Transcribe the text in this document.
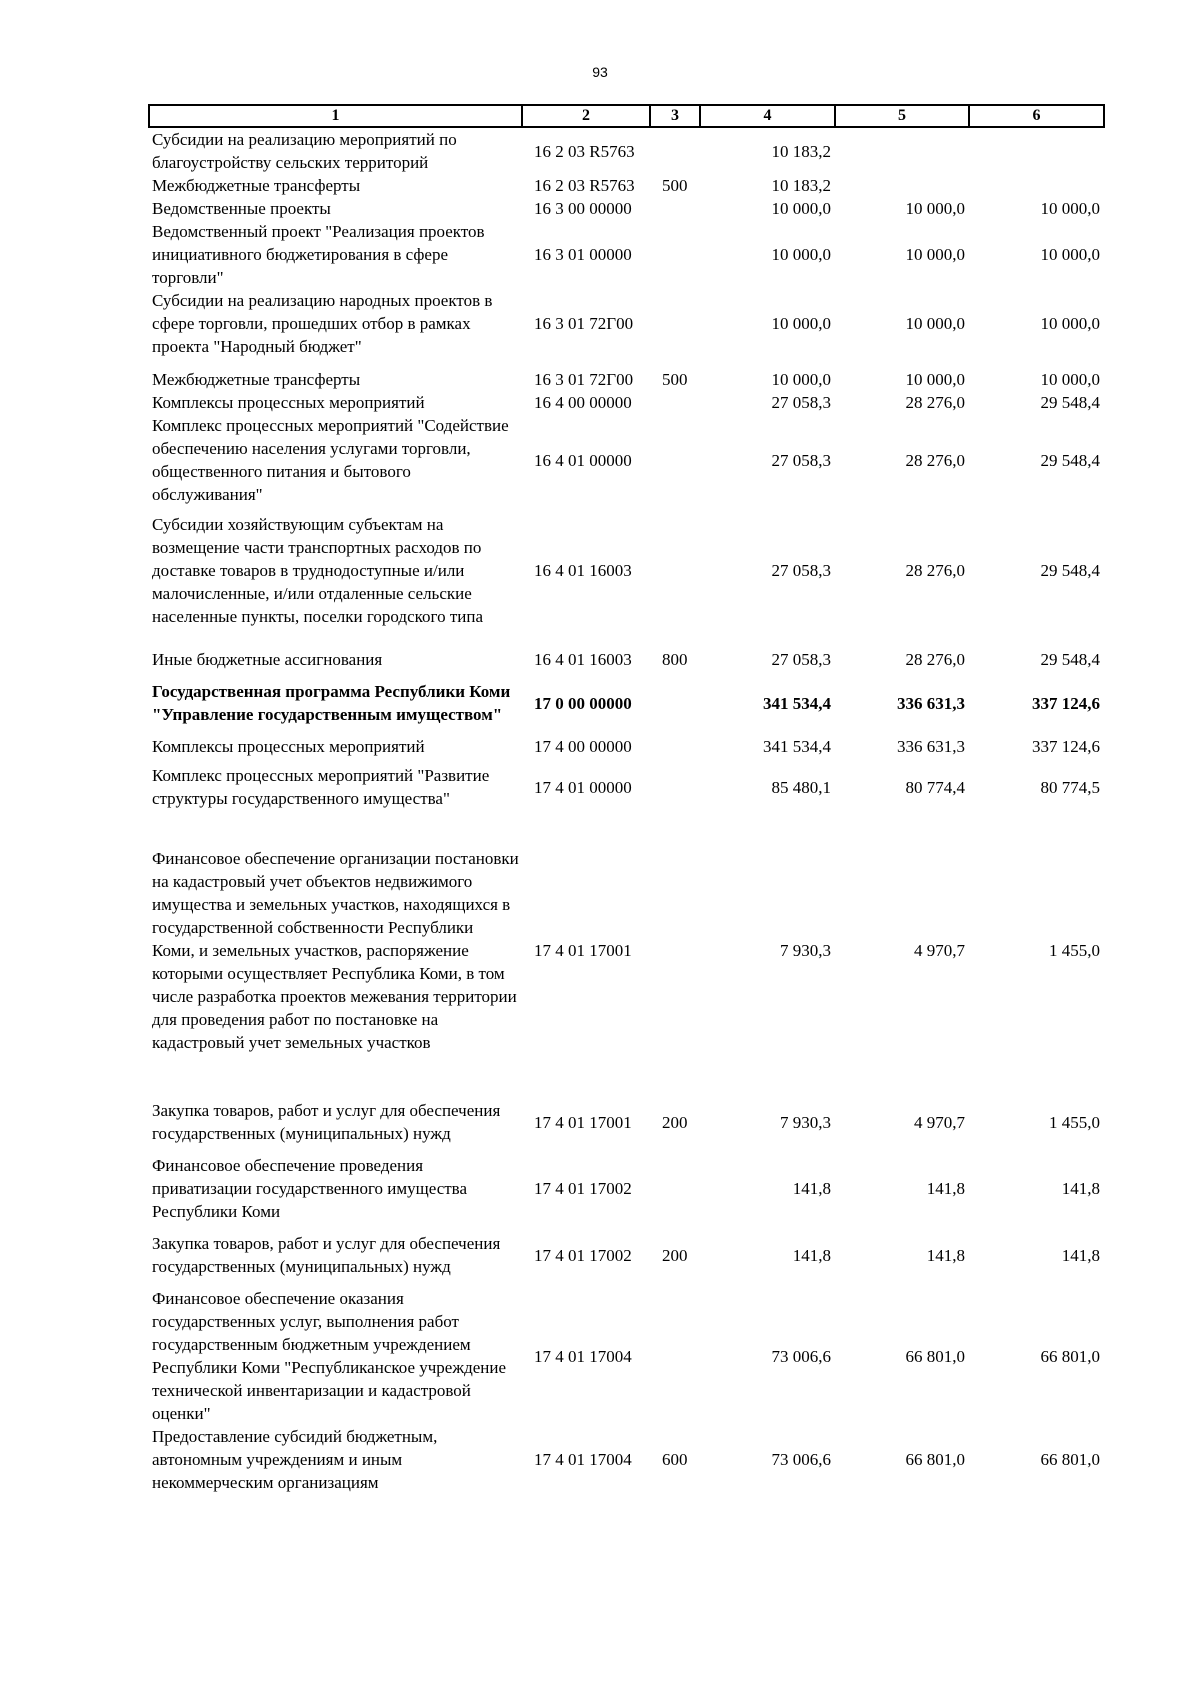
93
1	2	3	4	5	6
Субсидии на реализацию мероприятий по благоустройству сельских территорий	16 2 03 R5763		10 183,2		
Межбюджетные трансферты	16 2 03 R5763	500	10 183,2		
Ведомственные проекты	16 3 00 00000		10 000,0	10 000,0	10 000,0
Ведомственный проект "Реализация проектов инициативного бюджетирования в сфере торговли"	16 3 01 00000		10 000,0	10 000,0	10 000,0
Субсидии на реализацию народных проектов в сфере торговли, прошедших отбор в рамках проекта "Народный бюджет"	16 3 01 72Г00		10 000,0	10 000,0	10 000,0

Межбюджетные трансферты	16 3 01 72Г00	500	10 000,0	10 000,0	10 000,0
Комплексы процессных мероприятий	16 4 00 00000		27 058,3	28 276,0	29 548,4
Комплекс процессных мероприятий "Содействие обеспечению населения услугами торговли, общественного питания и бытового обслуживания"	16 4 01 00000		27 058,3	28 276,0	29 548,4
Субсидии хозяйствующим субъектам на возмещение части транспортных расходов по доставке товаров в труднодоступные и/или малочисленные, и/или отдаленные сельские населенные пункты, поселки городского типа	16 4 01 16003		27 058,3	28 276,0	29 548,4

Иные бюджетные ассигнования	16 4 01 16003	800	27 058,3	28 276,0	29 548,4
Государственная программа Республики Коми "Управление государственным имуществом"	17 0 00 00000		341 534,4	336 631,3	337 124,6
Комплексы процессных мероприятий	17 4 00 00000		341 534,4	336 631,3	337 124,6

Комплекс процессных мероприятий "Развитие структуры государственного имущества"	17 4 01 00000		85 480,1	80 774,4	80 774,5

Финансовое обеспечение организации постановки на кадастровый учет объектов недвижимого имущества и земельных участков, находящихся в государственной собственности Республики Коми, и земельных участков, распоряжение которыми осуществляет Республика Коми, в том числе разработка проектов межевания территории для проведения работ по постановке на кадастровый учет земельных участков	17 4 01 17001		7 930,3	4 970,7	1 455,0

Закупка товаров, работ и услуг для обеспечения государственных (муниципальных) нужд	17 4 01 17001	200	7 930,3	4 970,7	1 455,0
Финансовое обеспечение проведения приватизации государственного имущества Республики Коми	17 4 01 17002		141,8	141,8	141,8
Закупка товаров, работ и услуг для обеспечения государственных (муниципальных) нужд	17 4 01 17002	200	141,8	141,8	141,8
Финансовое обеспечение оказания государственных услуг, выполнения работ государственным бюджетным учреждением Республики Коми "Республиканское учреждение технической инвентаризации и кадастровой оценки"	17 4 01 17004		73 006,6	66 801,0	66 801,0
Предоставление субсидий бюджетным, автономным учреждениям и иным некоммерческим организациям	17 4 01 17004	600	73 006,6	66 801,0	66 801,0
